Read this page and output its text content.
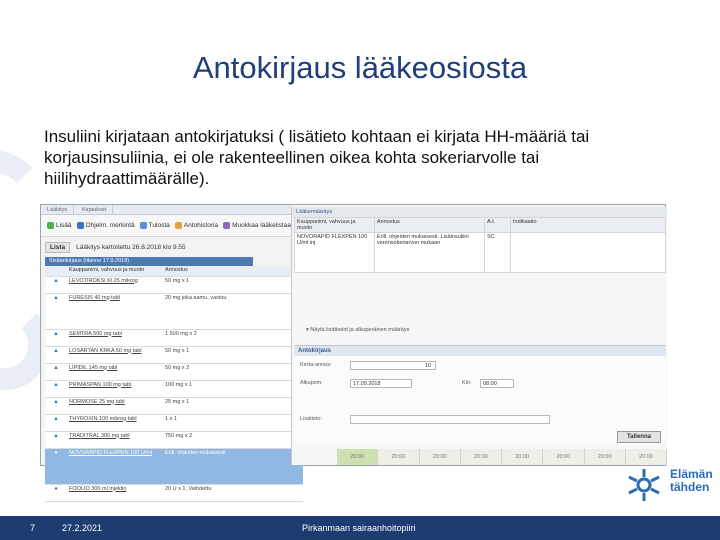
Antokirjaus lääkeosiosta
Insuliini kirjataan antokirjatuksi ( lisätieto kohtaan ei kirjata HH-määriä tai korjausinsuliinia, ei ole rakenteellinen oikea kohta sokeriarvolle tai hiilihydraattimäärälle).
Lääkitys	Kirjaukset
Lisää	Ohjelm. merkintä	Tulosta	Antohistoria	Muokkaa lääkelistaa
Lista	Lääkitys kartoitettu 26.8.2018 klo 9.55
Sisäänkirjaus (tilanne 17.9.2018)
	Kauppanimi, vahvuus ja muoto	Annostus
▲	LEVOTIROKSI Kl 25 mikrog	50 mg x 1
▲	FURESIS 40 mg tabl	20 mg joka aamu, vastuu
▲	SEMTRA 500 mg tabl	1 500 mg x 2
▲	LOSARTAN KRKA 50 mg tabl	50 mg x 1
▲	LIPIDIL 145 mg tabl	50 mg x 2
▲	PRIMASPAN 100 mg tabl	100 mg x 1
▲	NORMOSE 25 mg tabl	25 mg x 1
▲	THYROXIN 100 mikrog tabl	1 x 1
▲	TRADITRAL 300 mg tabl	750 mg x 2
●	NOVORAPID FLEXPEN 100 U/ml	Erill. ohjeiden mukaisesti
●	FOOLIO 300 ml injektio	20 U x 1, Vaihdettu
Lääkemääräys
Kauppanimi, vahvuus ja muoto	Annostus	A.t.	Indikaatio
NOVORAPID FLEXPEN 100 U/ml inj	Erill. ohjeiden mukaisesti. Lisäinsuliini verensokeriarvon mukaan	SC	
▾ Näytä lisätiedot ja alkuperäinen määräys
Antokirjaus
Kerta-annos:	10
Alkupvm:	17.09.2018	Klo:	08:00
Lisätieto:
Tallenna
20:00	20:00	20:00	20:00	20:00	20:00	20:00	20:00
Elämän tähden
7	27.2.2021	Pirkanmaan sairaanhoitopiiri
